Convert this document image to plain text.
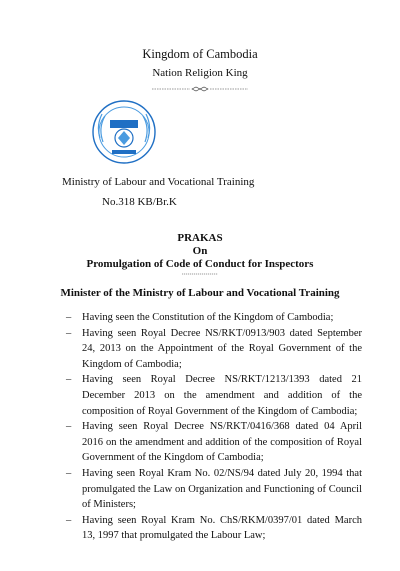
Kingdom of Cambodia
Nation Religion King
Ministry of Labour and Vocational Training
No.318 KB/Br.K
PRAKAS
On
Promulgation of Code of Conduct for Inspectors
Minister of the Ministry of Labour and Vocational Training
– Having seen the Constitution of the Kingdom of Cambodia;
– Having seen Royal Decree NS/RKT/0913/903 dated September 24, 2013 on the Appointment of the Royal Government of the Kingdom of Cambodia;
– Having seen Royal Decree NS/RKT/1213/1393 dated 21 December 2013 on the amendment and addition of the composition of Royal Government of the Kingdom of Cambodia;
– Having seen Royal Decree NS/RKT/0416/368 dated 04 April 2016 on the amendment and addition of the composition of Royal Government of the Kingdom of Cambodia;
– Having seen Royal Kram No. 02/NS/94 dated July 20, 1994 that promulgated the Law on Organization and Functioning of Council of Ministers;
– Having seen Royal Kram No. ChS/RKM/0397/01 dated March 13, 1997 that promulgated the Labour Law;
